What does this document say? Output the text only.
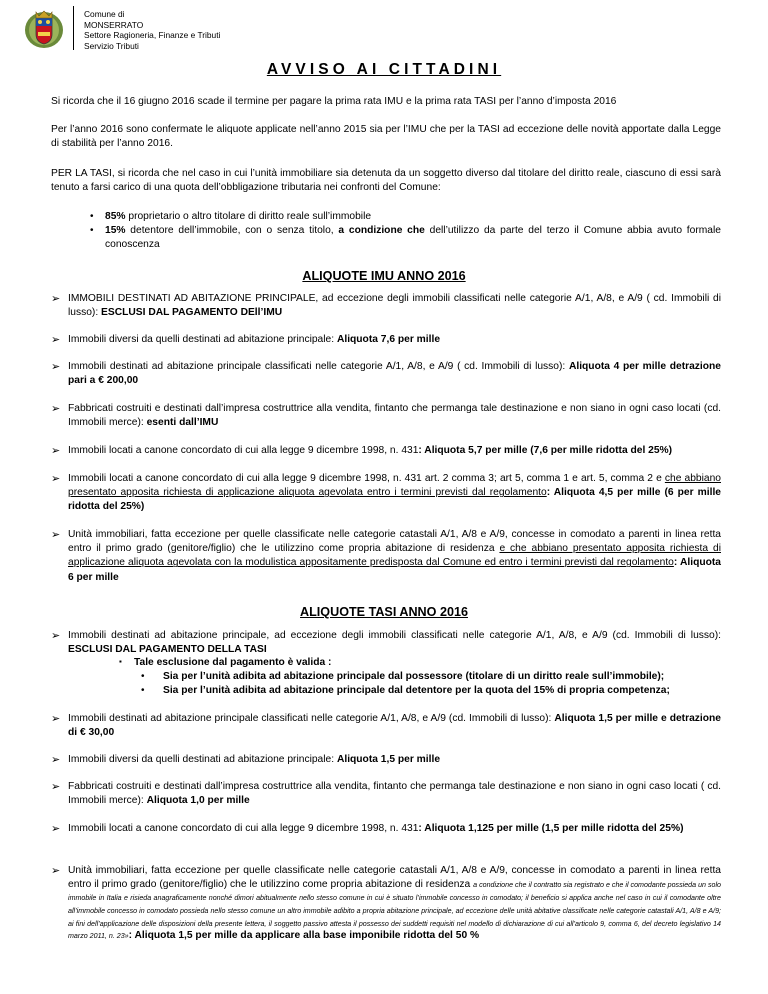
Comune di
MONSERRATO
Settore Ragioneria, Finanze e Tributi
Servizio Tributi
AVVISO AI CITTADINI
Si ricorda che il 16 giugno 2016 scade il termine per pagare la prima rata IMU e la prima rata TASI per l’anno d’imposta 2016
Per l’anno 2016 sono confermate le aliquote applicate nell’anno 2015 sia per l’IMU che per la TASI ad eccezione delle novità apportate dalla Legge di stabilità per l’anno 2016.
PER LA TASI, si ricorda che nel caso in cui l’unità immobiliare sia detenuta da un soggetto diverso dal titolare del diritto reale, ciascuno di essi sarà tenuto a farsi carico di una quota dell’obbligazione tributaria nei confronti del Comune:
• 85% proprietario o altro titolare di diritto reale sull’immobile
• 15% detentore dell’immobile, con o senza titolo, a condizione che dell’utilizzo da parte del terzo il Comune abbia avuto formale conoscenza
ALIQUOTE IMU ANNO 2016
➢ IMMOBILI DESTINATI AD ABITAZIONE PRINCIPALE, ad eccezione degli immobili classificati nelle categorie A/1, A/8, e A/9 ( cd. Immobili di lusso): ESCLUSI DAL PAGAMENTO DEll’IMU
➢ Immobili diversi da quelli destinati ad abitazione principale: Aliquota 7,6 per mille
➢ Immobili destinati ad abitazione principale classificati nelle categorie A/1, A/8, e A/9 ( cd. Immobili di lusso): Aliquota 4 per mille detrazione pari a € 200,00
➢ Fabbricati costruiti e destinati dall’impresa costruttrice alla vendita, fintanto che permanga tale destinazione e non siano in ogni caso locati (cd. Immobili merce): esenti dall’IMU
➢ Immobili locati a canone concordato di cui alla legge 9 dicembre 1998, n. 431: Aliquota 5,7 per mille (7,6 per mille ridotta del 25%)
➢ Immobili locati a canone concordato di cui alla legge 9 dicembre 1998, n. 431 art. 2 comma 3; art 5, comma 1 e art. 5, comma 2 e che abbiano presentato apposita richiesta di applicazione aliquota agevolata entro i termini previsti dal regolamento: Aliquota 4,5 per mille (6 per mille ridotta del 25%)
➢ Unità immobiliari, fatta eccezione per quelle classificate nelle categorie catastali A/1, A/8 e A/9, concesse in comodato a parenti in linea retta entro il primo grado (genitore/figlio) che le utilizzino come propria abitazione di residenza e che abbiano presentato apposita richiesta di applicazione aliquota agevolata con la modulistica appositamente predisposta dal Comune ed entro i termini previsti dal regolamento: Aliquota 6 per mille
ALIQUOTE TASI ANNO 2016
➢ Immobili destinati ad abitazione principale, ad eccezione degli immobili classificati nelle categorie A/1, A/8, e A/9 (cd. Immobili di lusso): ESCLUSI DAL PAGAMENTO DELLA TASI
▪ Tale esclusione dal pagamento è valida :
• Sia per l’unità adibita ad abitazione principale dal possessore (titolare di un diritto reale sull’immobile);
• Sia per l’unità adibita ad abitazione principale dal detentore per la quota del 15% di propria competenza;
➢ Immobili destinati ad abitazione principale classificati nelle categorie A/1, A/8, e A/9 (cd. Immobili di lusso): Aliquota 1,5 per mille e detrazione di € 30,00
➢ Immobili diversi da quelli destinati ad abitazione principale: Aliquota 1,5 per mille
➢ Fabbricati costruiti e destinati dall’impresa costruttrice alla vendita, fintanto che permanga tale destinazione e non siano in ogni caso locati ( cd. Immobili merce): Aliquota 1,0 per mille
➢ Immobili locati a canone concordato di cui alla legge 9 dicembre 1998, n. 431: Aliquota 1,125 per mille (1,5 per mille ridotta del 25%)
➢ Unità immobiliari, fatta eccezione per quelle classificate nelle categorie catastali A/1, A/8 e A/9, concesse in comodato a parenti in linea retta entro il primo grado (genitore/figlio) che le utilizzino come propria abitazione di residenza a condizione che il contratto sia registrato e che il comodante possieda un solo immobile in Italia e risieda anagraficamente nonché dimori abitualmente nello stesso comune in cui è situato l’immobile concesso in comodato; il beneficio si applica anche nel caso in cui il comodante oltre all’immobile concesso in comodato possieda nello stesso comune un altro immobile adibito a propria abitazione principale, ad eccezione delle unità abitative classificate nelle categorie catastali A/1, A/8 e A/9; ai fini dell’applicazione delle disposizioni della presente lettera, il soggetto passivo attesta il possesso dei suddetti requisiti nel modello di dichiarazione di cui all’articolo 9, comma 6, del decreto legislativo 14 marzo 2011, n. 23»: Aliquota 1,5 per mille da applicare alla base imponibile ridotta del 50 %
